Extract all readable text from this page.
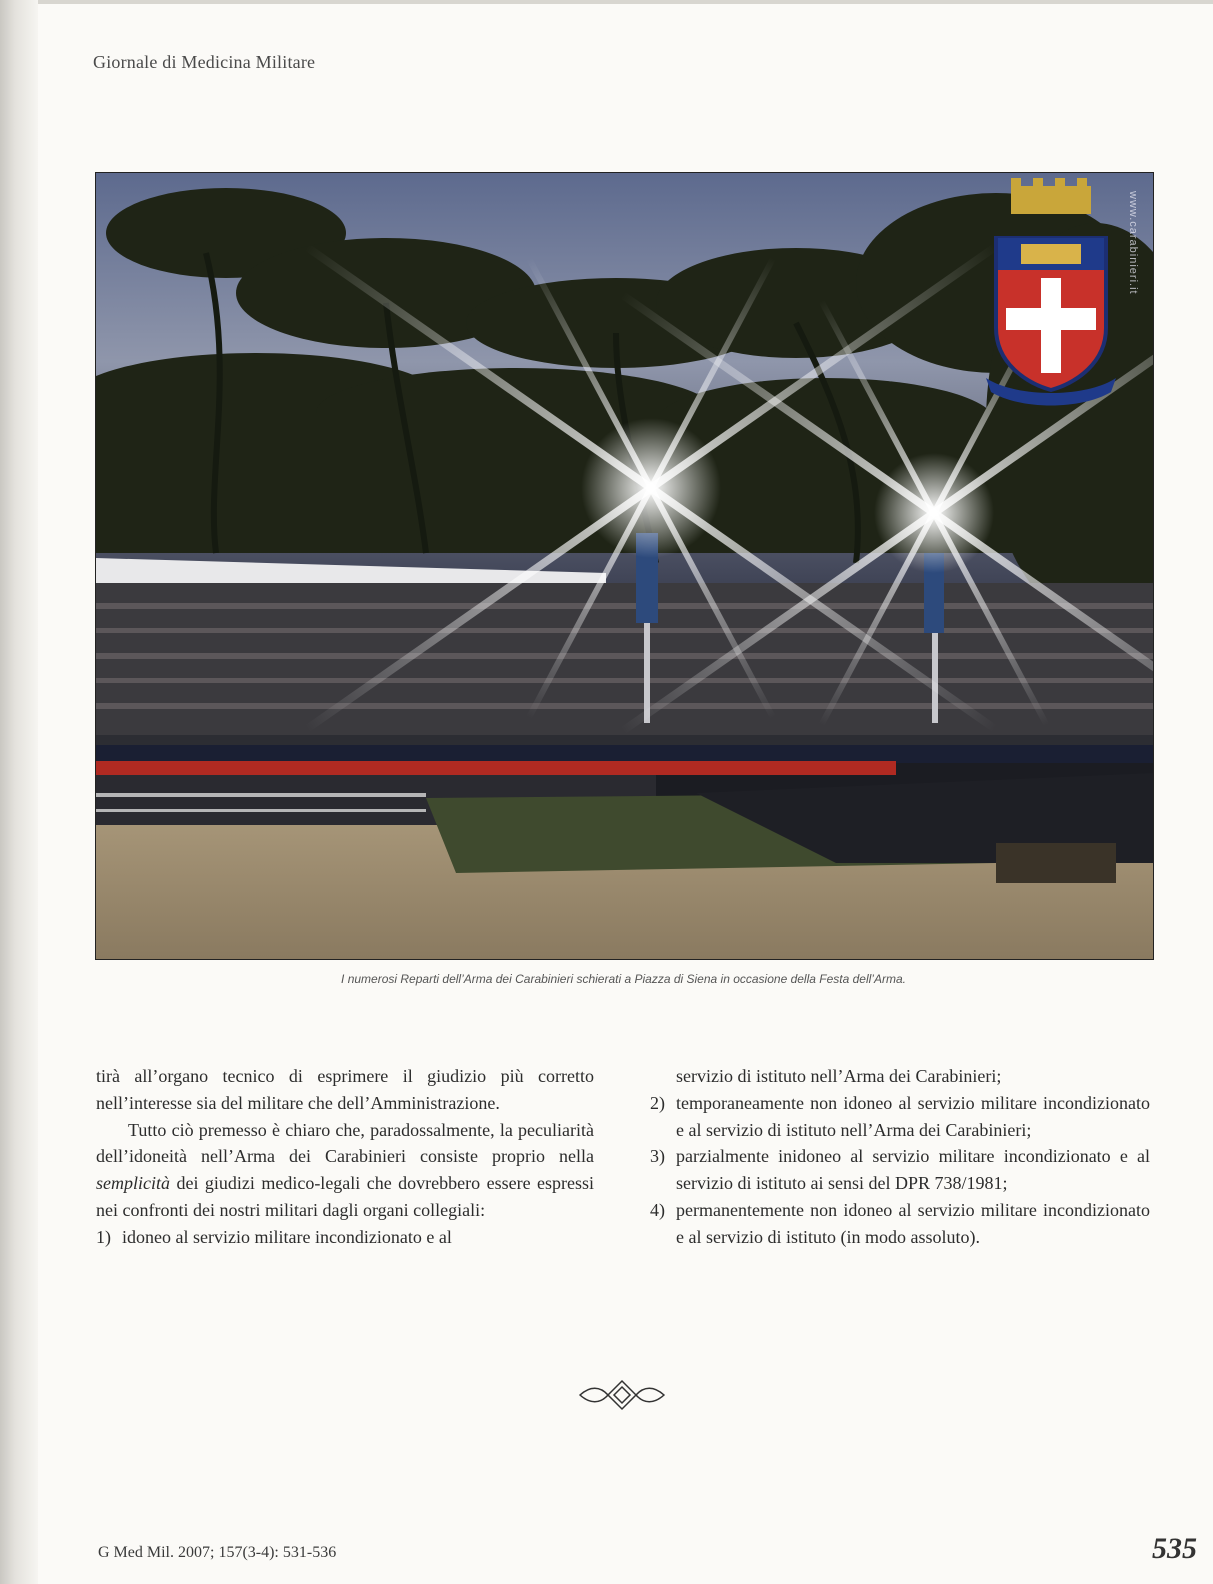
Giornale di Medicina Militare
www.carabinieri.it
I numerosi Reparti dell’Arma dei Carabinieri schierati a Piazza di Siena in occasione della Festa dell’Arma.

tirà all’organo tecnico di esprimere il giudizio più corretto nell’interesse sia del militare che dell’Amministrazione.

Tutto ciò premesso è chiaro che, paradossalmente, la peculiarità dell’idoneità nell’Arma dei Carabinieri consiste proprio nella semplicità dei giudizi medico-legali che dovrebbero essere espressi nei confronti dei nostri militari dagli organi collegiali:

1) idoneo al servizio militare incondizionato e al

servizio di istituto nell’Arma dei Carabinieri;

2) temporaneamente non idoneo al servizio militare incondizionato e al servizio di istituto nell’Arma dei Carabinieri;
3) parzialmente inidoneo al servizio militare incondizionato e al servizio di istituto ai sensi del DPR 738/1981;
4) permanentemente non idoneo al servizio militare incondizionato e al servizio di istituto (in modo assoluto).
G Med Mil. 2007; 157(3-4): 531-536	535
